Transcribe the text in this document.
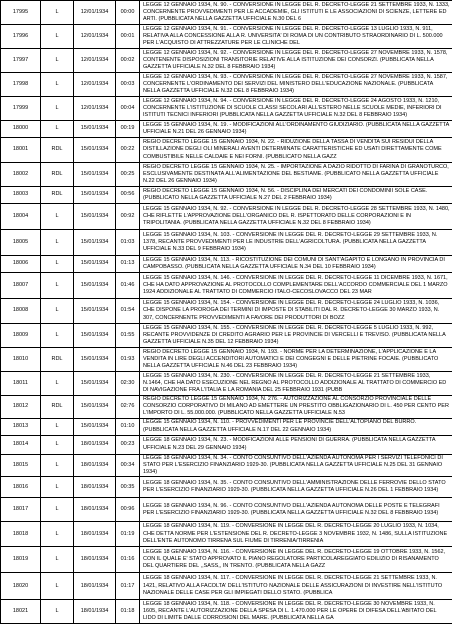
17995	L	12/01/1934	00:00	LEGGE 12 GENNAIO 1934, N. 90. - CONVERSIONE IN LEGGE DEL R. DECRETO-LEGGE 21 SETTEMBRE 1933, N. 1333, CONCERNENTE PROVVEDIMENTI PER LE ACCADEMIE, GLI ISTITUTI E LE ASSOCIAZIONI DI SCIENZE, LETTERE ED ARTI. (PUBBLICATA NELLA GAZZETTA UFFICIALE N.30 DEL 6
17996	L	12/01/1934	00:01	LEGGE 12 GENNAIO 1934, N. 91. - CONVERSIONE IN LEGGE DEL R. DECRETO-LEGGE 13 LUGLIO 1933, N. 911, RELATIVA ALLA CONCESSIONE ALLA R. UNIVERSITA' DI ROMA DI UN CONTRIBUTO STRAORDINARIO DI L. 500.000 PER L'ACQUISTO DI ATTREZZATURE PER LE CLINICHE DEL
17997	L	12/01/1934	00:02	LEGGE 12 GENNAIO 1934, N. 92. - CONVERSIONE IN LEGGE DEL R. DECRETO-LEGGE 27 NOVEMBRE 1933, N. 1578, CONTENENTE DISPOSIZIONI TRANSITORIE RELATIVE ALLA ISTITUZIONE DEI CONSORZI. (PUBBLICATA NELLA GAZZETTA UFFICIALE N.32 DEL 8 FEBBRAIO 1934)
17998	L	12/01/1934	00:03	LEGGE 12 GENNAIO 1934, N. 93. - CONVERSIONE IN LEGGE DEL R. DECRETO-LEGGE 27 NOVEMBRE 1933, N. 1587, CONCERNENTE L'ORDINAMENTO DEI SERVIZI DEL MINISTERO DELL'EDUCAZIONE NAZIONALE. (PUBBLICATA NELLA GAZZETTA UFFICIALE N.32 DEL 8 FEBBRAIO 1934)
17999	L	12/01/1934	00:04	LEGGE 12 GENNAIO 1934, N. 94. - CONVERSIONE IN LEGGE DEL R. DECRETO-LEGGE 24 AGOSTO 1933, N. 1210, CONCERNENTE L'ISTITUZIONE DI SCUOLE CLASSI SECOLARI ALL'ESTERO NELLE SCUOLE MEDIE, INFERIORI DI ISTITUTI TECNICI INFERIORI (PUBBLICATA NELLA GAZZETTA UFFICIALE N.32 DEL 8 FEBBRAIO 1934)
18000	L	15/01/1934	00:19	LEGGE 15 GENNAIO 1934, N. 19. - MODIFICAZIONI ALL'ORDINAMENTO GIUDIZIARIO. (PUBBLICATA NELLA GAZZETTA UFFICIALE N.21 DEL 26 GENNAIO 1934)
18001	RDL	15/01/1934	00:22	REGIO DECRETO LEGGE 15 GENNAIO 1934, N. 22. - RIDUZIONE DELLA TASSA DI VENDITA SUI RESIDUI DELLA DISTILLAZIONE DEGLI OLI MINERALI AVENTI DETERMINATE CARATTERISTICHE ED USATI DIRETTAMENTE COME COMBUSTIBILE NELLE CALDAIE E NEI FORNI. (PUBBLICATO NELLA GAZZ
18002	RDL	15/01/1934	00:25	REGIO DECRETO LEGGE 15 GENNAIO 1934, N. 25. - IMPORTAZIONE A DAZIO RIDOTTO DI FARINA DI GRANOTURCO, ESCLUSIVAMENTE DESTINATA ALL'ALIMENTAZIONE DEL BESTIAME. (PUBBLICATO NELLA GAZZETTA UFFICIALE N.22 DEL 26 GENNAIO 1934)
18003	RDL	15/01/1934	00:56	REGIO DECRETO LEGGE 15 GENNAIO 1934, N. 56. - DISCIPLINA DEI MERCATI DEI CONDOMINII SOLE CASE. (PUBBLICATO NELLA GAZZETTA UFFICIALE N.27 DEL 2 FEBBRAIO 1934)
18004	L	15/01/1934	00:92	LEGGE 15 GENNAIO 1934, N. 92. - CONVERSIONE IN LEGGE DEL R. DECRETO-LEGGE 28 SETTEMBRE 1933, N. 1480, CHE RIFLETTE L'APPROVAZIONE DELL'ORGANICO DEL R. ISPETTORATO DELLE CORPORAZIONI E IN TRIPOLITANIA. (PUBBLICATA NELLA GAZZETTA UFFICIALE N.32 DEL 8 FEBBRAIO 1934)
18005	L	15/01/1934	01:03	LEGGE 15 GENNAIO 1934, N. 103. - CONVERSIONE IN LEGGE DEL R. DECRETO-LEGGE 29 SETTEMBRE 1933, N. 1378, RECANTE PROVVEDIMENTI PER LE INDUSTRIE DELL'AGRICOLTURA. (PUBBLICATA NELLA GAZZETTA UFFICIALE N.33 DEL 9 FEBBRAIO 1934)
18006	L	15/01/1934	01:13	LEGGE 15 GENNAIO 1934, N. 113. - RICOSTITUZIONE DEI COMUNI DI SANT'AGAPITO E LONGANO IN PROVINCIA DI CAMPOBASSO. (PUBBLICATA NELLA GAZZETTA UFFICIALE N.34 DEL 10 FEBBRAIO 1934)
18007	L	15/01/1934	01:46	LEGGE 15 GENNAIO 1934, N. 146. - CONVERSIONE IN LEGGE DEL R. DECRETO-LEGGE 11 DICEMBRE 1933, N. 1671, CHE HA DATO APPROVAZIONE AL PROTOCOLLO COMPLEMENTARE DELL'ACCORDO COMMERCIALE DEL 1 MARZO 1924 ADDIZIONALE AL TRATTATO DI COMMERCIO ITALO-CECOSLOVACCO DEL 23 MAR
18008	L	15/01/1934	01:54	LEGGE 15 GENNAIO 1934, N. 154. - CONVERSIONE IN LEGGE DEL R. DECRETO-LEGGE 24 LUGLIO 1933, N. 1036, CHE DISPONE LA PROROGA DEI TERMINI DI IMPOSTE DI STABILITI DAL R. DECRETO-LEGGE 30 MARZO 1933, N. 307, CONCERNENTE PROVVEDIMENTI A FAVORE DEI PRODUTTORI DI BOZZ
18009	L	15/01/1934	01:55	LEGGE 15 GENNAIO 1934, N. 155. - CONVERSIONE IN LEGGE DEL R. DECRETO-LEGGE 5 LUGLIO 1933, N. 992, RECANTE PROVVIDENZE DI CREDITO AGRARIO PER LE PROVINCIE DI VERCELLI E TREVISO. (PUBBLICATA NELLA GAZZETTA UFFICIALE N.35 DEL 12 FEBBRAIO 1934)
18010	RDL	15/01/1934	01:93	REGIO DECRETO LEGGE 15 GENNAIO 1934, N. 193. - NORME PER LA DETERMINAZIONE, L'APPLICAZIONE E LA VENDITA IN LIRE DEGLI ACCENDITORI AUTOMATICI E DEI CONGEGNI E DELLE PIETRINE FOCAIE. (PUBBLICATO NELLA GAZZETTA UFFICIALE N.46 DEL 23 FEBBRAIO 1934)
18011	L	15/01/1934	02:30	LEGGE 15 GENNAIO 1934, N. 230. - CONVERSIONE IN LEGGE DEL R. DECRETO-LEGGE 21 SETTEMBRE 1933, N.1464, CHE HA DATO ESECUZIONE NEL REGNO AL PROTOCOLLO ADDIZIONALE AL TRATTATO DI COMMERCIO ED DI NAVIGAZIONE FRA L'ITALIA E LA ROMANIA DEL 25 FEBBRAIO 1931 (PUBB
18012	RDL	15/01/1934	02:76	REGIO DECRETO LEGGE 15 GENNAIO 1934, N. 276. - AUTORIZZAZIONE AL CONSORZIO PROVINCIALE DELLE CONSORZIO CORPORATIVO DI MILANO AD EMETTERE UN PRESTITO OBBLIGAZIONARIO DI L. 450 PER CENTO PER L'IMPORTO DI L. 55.000.000. (PUBBLICATO NELLA GAZZETTA UFFICIALE N.53
18013	L	15/01/1934	01:10	LEGGE 15 GENNAIO 1934, N. 110. - PROVVEDIMENTI PER LE PROVINCIE DELL'ALTOPIANO DEL BURRO. (PUBBLICATA NELLA GAZZETTA UFFICIALE N.17 DEL 22 GENNAIO 1934)
18014	L	18/01/1934	00:23	LEGGE 18 GENNAIO 1934, N. 23. - MODIFICAZIONI ALLE PENSIONI DI GUERRA. (PUBBLICATA NELLA GAZZETTA UFFICIALE N.23 DEL 29 GENNAIO 1934)
18015	L	18/01/1934	00:34	LEGGE 18 GENNAIO 1934, N. 34. - CONTO CONSUNTIVO DELL'AZIENDA AUTONOMA PER I SERVIZI TELEFONICI DI STATO PER L'ESERCIZIO FINANZIARIO 1929-30. (PUBBLICATA NELLA GAZZETTA UFFICIALE N.25 DEL 31 GENNAIO 1934)
18016	L	18/01/1934	00:35	LEGGE 18 GENNAIO 1934, N. 35. - CONTO CONSUNTIVO DELL'AMMINISTRAZIONE DELLE FERROVIE DELLO STATO PER L'ESERCIZIO FINANZIARIO 1929-30. (PUBBLICATA NELLA GAZZETTA UFFICIALE N.26 DEL 1 FEBBRAIO 1934)
18017	L	18/01/1934	00:96	LEGGE 18 GENNAIO 1934, N. 96. - CONTO CONSUNTIVO DELL'AZIENDA AUTONOMA DELLE POSTE E TELEGRAFI PER L'ESERCIZIO FINANZIARIO 1929-30. (PUBBLICATA NELLA GAZZETTA UFFICIALE N.32 DEL 8 FEBBRAIO 1934)
18018	L	18/01/1934	01:19	LEGGE 18 GENNAIO 1934, N. 119. - CONVERSIONE IN LEGGE DEL R. DECRETO-LEGGE 20 LUGLIO 1933, N. 1034, CHE DETTA NORME PER L'ESTENSIONE DEL R. DECRETO-LEGGE 3 NOVEMBRE 1932, N. 1486, SULLA ISTITUZIONE DELL'ENTE AUTONOMO TIRRENA SUL FIUME DI TIRRENIA/TIRRENIA
18019	L	18/01/1934	01:16	LEGGE 18 GENNAIO 1934, N. 116. - CONVERSIONE IN LEGGE DEL R. DECRETO-LEGGE 19 OTTOBRE 1933, N. 1562, CON IL QUALE E' STATO APPROVATO IL PIANO REGOLATORE PARTICOLAREGGIATO EDILIZIO DI RISANAMENTO DEL QUARTIERE DEL ,,SASS,, IN TRENTO. (PUBBLICATA NELLA GAZZ
18020	L	18/01/1934	01:17	LEGGE 18 GENNAIO 1934, N. 117. - CONVERSIONE IN LEGGE DEL R. DECRETO-LEGGE 21 SETTEMBRE 1933, N. 1421, RELATIVO ALLA FACOLTA' DELL'ISTITUTO NAZIONALE DELLE ASSICURAZIONI DI INVESTIRE NELL'ISTITUTO NAZIONALE DELLE CASE PER GLI IMPIEGATI DELLO STATO. (PUBBLICA
18021	L	18/01/1934	01:18	LEGGE 18 GENNAIO 1934, N. 118. - CONVERSIONE IN LEGGE DEL R. DECRETO-LEGGE 30 NOVEMBRE 1933, N. 1605, RECANTE L'AUTORIZZAZIONE DELLA SPESA DI L. 1.470.000 PER LE OPERE DI DIFESA DELL'ABITATO DEL LIDO DI LIMITE DALLE CORROSIONI DEL MARE. (PUBBLICATA NELLA GA
